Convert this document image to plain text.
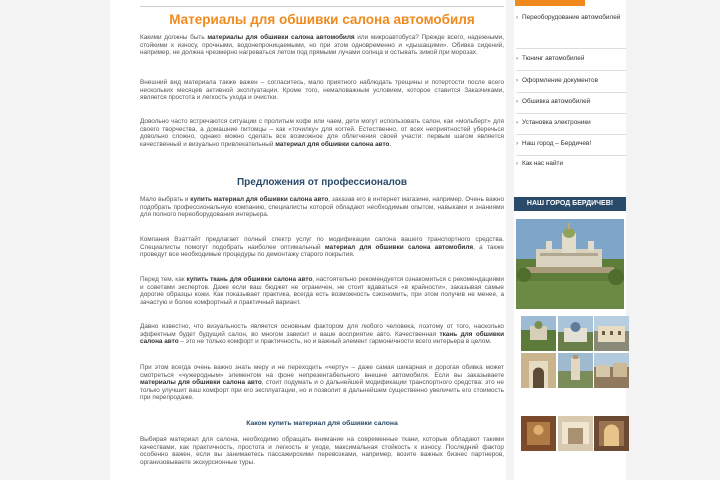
Материалы для обшивки салона автомобиля
Какими должны быть материалы для обшивки салона автомобиля или микроавтобуса? Прежде всего, надежными, стойкими к износу, прочными, водонепроницаемыми, но при этом одновременно и «дышащими». Обивка сидений, например, не должна чрезмерно нагреваться летом под прямыми лучами солнца и остывать зимой при морозах.
Внешний вид материала также важен – согласитесь, мало приятного наблюдать трещины и потертости после всего нескольких месяцев активной эксплуатации. Кроме того, немаловажным условием, которое ставится Заказчиками, является простота и легкость ухода и очистки.
Довольно часто встречаются ситуации с пролитым кофе или чаем, дети могут использовать салон, как «мольберт» для своего творчества, а домашние питомцы – как «точилку» для когтей. Естественно, от всех неприятностей уберечься довольно сложно, однако можно сделать все возможное для облегчения своей участи: первым шагом является качественный и визуально привлекательный материал для обшивки салона авто.
Предложения от профессионалов
Мало выбрать и купить материал для обшивки салона авто, заказав его в интернет магазине, например. Очень важно подобрать профессиональную компанию, специалисты которой обладают необходимым опытом, навыками и знаниями для полного переоборудования интерьера.
Компания Взаттайт предлагает полный спектр услуг по модификации салона вашего транспортного средства. Специалисты помогут подобрать наиболее оптимальный материал для обшивки салона автомобиля, а также проведут все необходимые процедуры по демонтажу старого покрытия.
Перед тем, как купить ткань для обшивки салона авто, настоятельно рекомендуется ознакомиться с рекомендациями и советами экспертов. Даже если ваш бюджет не ограничен, не стоит вдаваться «в крайности», заказывая самые дорогие образцы кожи. Как показывает практика, всегда есть возможность сэкономить, при этом получив не менее, а зачастую и более комфортный и практичный вариант.
Давно известно, что визуальность является основным фактором для любого человека, поэтому от того, насколько эффектным будет будущий салон, во многом зависит и ваше восприятие авто. Качественная ткань для обшивки салона авто – это не только комфорт и практичность, но и важный элемент гармоничности всего интерьера в целом.
При этом всегда очень важно знать меру и не переходить «черту» – даже самая шикарная и дорогая обивка может смотреться «чужеродным» элементом на фоне непрезентабельного внешне автомобиля. Если вы заказываете материалы для обшивки салона авто, стоит подумать и о дальнейшей модификации транспортного средства: это не только улучшит ваш комфорт при его эксплуатации, но и позволит в дальнейшем существенно увеличить его стоимость при перепродаже.
Каком купить материал для обшивки салона
Выбирая материал для салона, необходимо обращать внимание на современные ткани, которые обладают такими качествами, как практичность, простота и легкость в уходе, максимальная стойкость к износу. Последний фактор особенно важен, если вы занимаетесь пассажирскими перевозками, например, возите важных бизнес партнеров, организовываете экскурсионные туры.
› Переоборудование автомобилей
› Тюнинг автомобилей
› Оформление документов
› Обшивка автомобилей
› Установка электроники
› Наш город – Бердичев!
› Как нас найти
НАШ ГОРОД БЕРДИЧЕВ!
